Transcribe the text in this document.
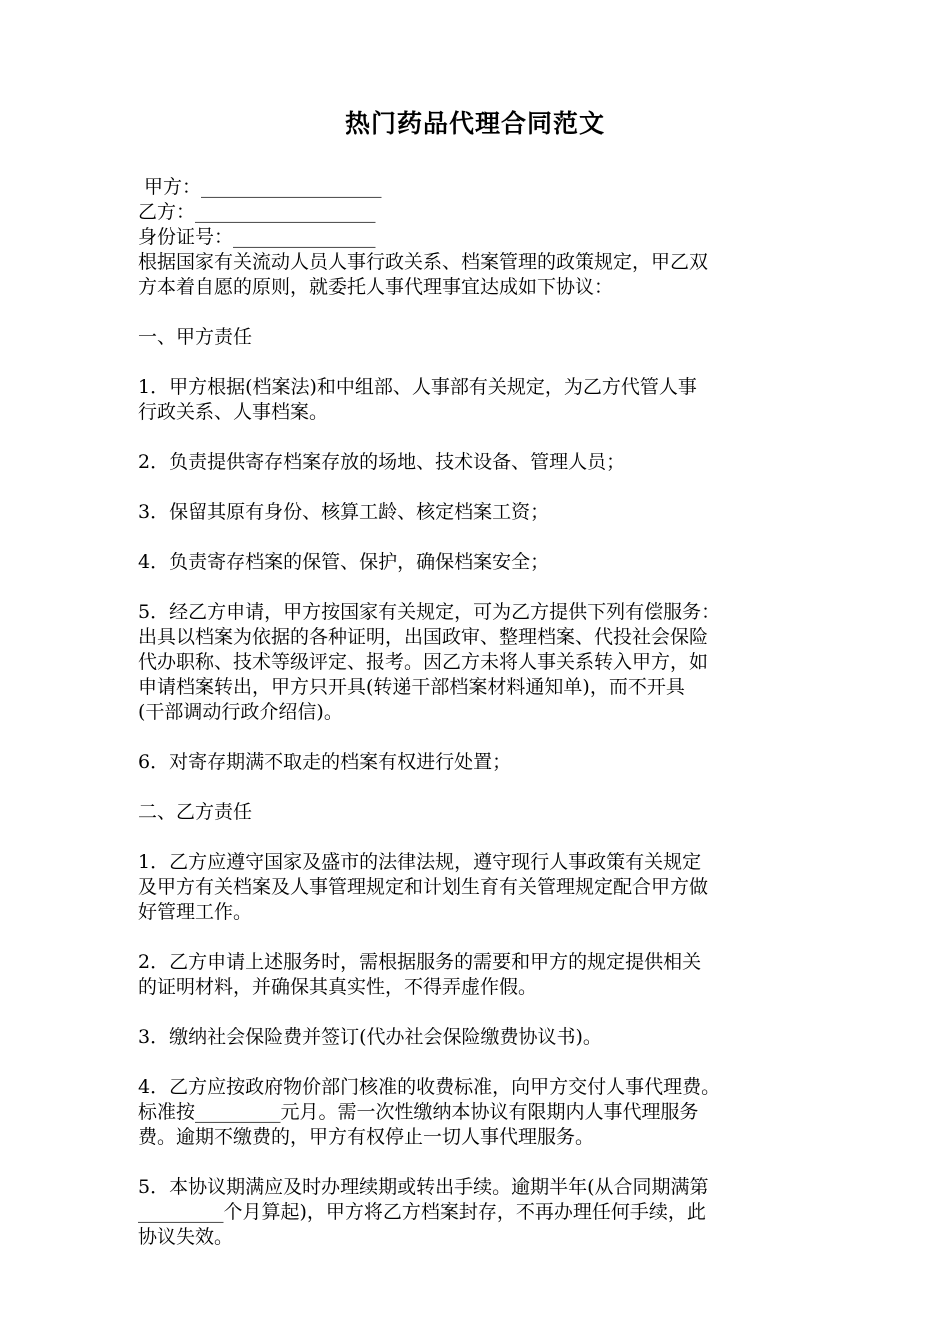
热门药品代理合同范文
甲方：___________________
乙方：___________________
身份证号：_______________
根据国家有关流动人员人事行政关系、档案管理的政策规定，甲乙双
方本着自愿的原则，就委托人事代理事宜达成如下协议：
一、甲方责任
1．甲方根据(档案法)和中组部、人事部有关规定，为乙方代管人事
行政关系、人事档案。
2．负责提供寄存档案存放的场地、技术设备、管理人员；
3．保留其原有身份、核算工龄、核定档案工资；
4．负责寄存档案的保管、保护，确保档案安全；
5．经乙方申请，甲方按国家有关规定，可为乙方提供下列有偿服务：
出具以档案为依据的各种证明，出国政审、整理档案、代投社会保险
代办职称、技术等级评定、报考。因乙方未将人事关系转入甲方，如
申请档案转出，甲方只开具(转递干部档案材料通知单)，而不开具
(干部调动行政介绍信)。
6．对寄存期满不取走的档案有权进行处置；
二、乙方责任
1．乙方应遵守国家及盛市的法律法规，遵守现行人事政策有关规定
及甲方有关档案及人事管理规定和计划生育有关管理规定配合甲方做
好管理工作。
2．乙方申请上述服务时，需根据服务的需要和甲方的规定提供相关
的证明材料，并确保其真实性，不得弄虚作假。
3．缴纳社会保险费并签订(代办社会保险缴费协议书)。
4．乙方应按政府物价部门核准的收费标准，向甲方交付人事代理费。
标准按_________元月。需一次性缴纳本协议有限期内人事代理服务
费。逾期不缴费的，甲方有权停止一切人事代理服务。
5．本协议期满应及时办理续期或转出手续。逾期半年(从合同期满第
_________个月算起)，甲方将乙方档案封存，不再办理任何手续，此
协议失效。
